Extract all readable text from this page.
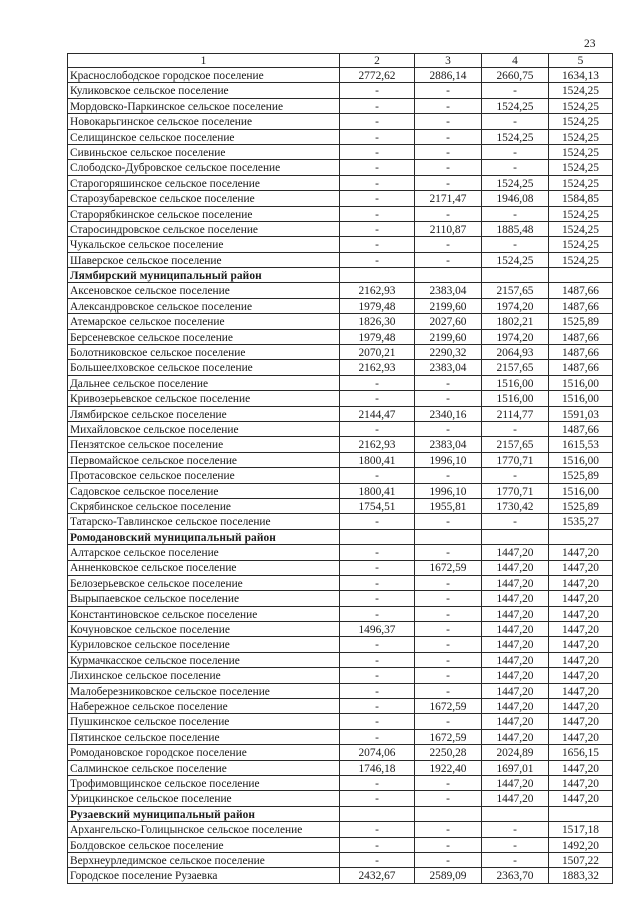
23
1	2	3	4	5
Краснослободское городское поселение	2772,62	2886,14	2660,75	1634,13
Куликовское сельское поселение	-	-	-	1524,25
Мордовско-Паркинское сельское поселение	-	-	1524,25	1524,25
Новокарьгинское сельское поселение	-	-	-	1524,25
Селищинское сельское поселение	-	-	1524,25	1524,25
Сивиньское сельское поселение	-	-	-	1524,25
Слободско-Дубровское сельское поселение	-	-	-	1524,25
Старогоряшинское сельское поселение	-	-	1524,25	1524,25
Старозубаревское сельское поселение	-	2171,47	1946,08	1584,85
Старорябкинское сельское поселение	-	-	-	1524,25
Старосиндровское сельское поселение	-	2110,87	1885,48	1524,25
Чукальское сельское поселение	-	-	-	1524,25
Шаверское сельское поселение	-	-	1524,25	1524,25
Лямбирский муниципальный район				
Аксеновское сельское поселение	2162,93	2383,04	2157,65	1487,66
Александровское сельское поселение	1979,48	2199,60	1974,20	1487,66
Атемарское сельское поселение	1826,30	2027,60	1802,21	1525,89
Берсеневское сельское поселение	1979,48	2199,60	1974,20	1487,66
Болотниковское сельское поселение	2070,21	2290,32	2064,93	1487,66
Большеелховское сельское поселение	2162,93	2383,04	2157,65	1487,66
Дальнее сельское поселение	-	-	1516,00	1516,00
Кривозерьевское сельское поселение	-	-	1516,00	1516,00
Лямбирское сельское поселение	2144,47	2340,16	2114,77	1591,03
Михайловское сельское поселение	-	-	-	1487,66
Пензятское сельское поселение	2162,93	2383,04	2157,65	1615,53
Первомайское сельское поселение	1800,41	1996,10	1770,71	1516,00
Протасовское сельское поселение	-	-	-	1525,89
Садовское сельское поселение	1800,41	1996,10	1770,71	1516,00
Скрябинское сельское поселение	1754,51	1955,81	1730,42	1525,89
Татарско-Тавлинское сельское поселение	-	-	-	1535,27
Ромодановский муниципальный район				
Алтарское сельское поселение	-	-	1447,20	1447,20
Анненковское сельское поселение	-	1672,59	1447,20	1447,20
Белозерьевское сельское поселение	-	-	1447,20	1447,20
Вырыпаевское сельское поселение	-	-	1447,20	1447,20
Константиновское сельское поселение	-	-	1447,20	1447,20
Кочуновское сельское поселение	1496,37	-	1447,20	1447,20
Куриловское сельское поселение	-	-	1447,20	1447,20
Курмачкасское сельское поселение	-	-	1447,20	1447,20
Лихинское сельское поселение	-	-	1447,20	1447,20
Малоберезниковское сельское поселение	-	-	1447,20	1447,20
Набережное сельское поселение	-	1672,59	1447,20	1447,20
Пушкинское сельское поселение	-	-	1447,20	1447,20
Пятинское сельское поселение	-	1672,59	1447,20	1447,20
Ромодановское городское поселение	2074,06	2250,28	2024,89	1656,15
Салминское сельское поселение	1746,18	1922,40	1697,01	1447,20
Трофимовщинское сельское поселение	-	-	1447,20	1447,20
Урицкинское сельское поселение	-	-	1447,20	1447,20
Рузаевский муниципальный район				
Архангельско-Голицынское сельское поселение	-	-	-	1517,18
Болдовское сельское поселение	-	-	-	1492,20
Верхнеурледимское сельское поселение	-	-	-	1507,22
Городское поселение Рузаевка	2432,67	2589,09	2363,70	1883,32
